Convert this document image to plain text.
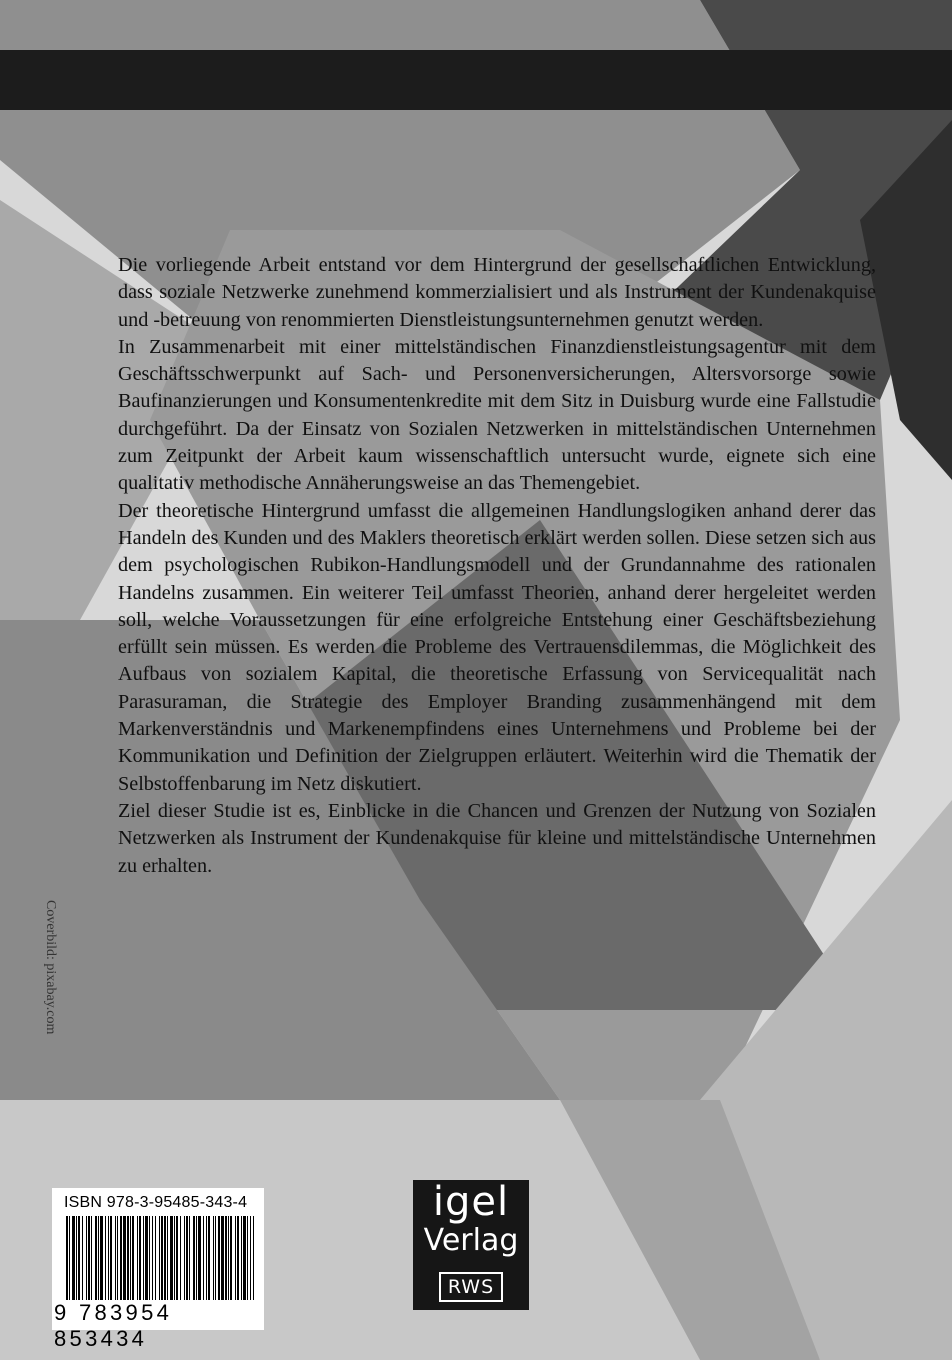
Die vorliegende Arbeit entstand vor dem Hintergrund der gesellschaftlichen Entwicklung, dass soziale Netzwerke zunehmend kommerzialisiert und als Instrument der Kundenakquise und -betreuung von renommierten Dienstleistungsunternehmen genutzt werden.

In Zusammenarbeit mit einer mittelständischen Finanzdienstleistungsagentur mit dem Geschäftsschwerpunkt auf Sach- und Personenversicherungen, Altersvorsorge sowie Baufinanzierungen und Konsumentenkredite mit dem Sitz in Duisburg wurde eine Fallstudie durchgeführt. Da der Einsatz von Sozialen Netzwerken in mittelständischen Unternehmen zum Zeitpunkt der Arbeit kaum wissenschaftlich untersucht wurde, eignete sich eine qualitativ methodische Annäherungsweise an das Themengebiet.

Der theoretische Hintergrund umfasst die allgemeinen Handlungslogiken anhand derer das Handeln des Kunden und des Maklers theoretisch erklärt werden sollen. Diese setzen sich aus dem psychologischen Rubikon-Handlungsmodell und der Grundannahme des rationalen Handelns zusammen. Ein weiterer Teil umfasst Theorien, anhand derer hergeleitet werden soll, welche Voraussetzungen für eine erfolgreiche Entstehung einer Geschäftsbeziehung erfüllt sein müssen. Es werden die Probleme des Vertrauensdilemmas, die Möglichkeit des Aufbaus von sozialem Kapital, die theoretische Erfassung von Servicequalität nach Parasuraman, die Strategie des Employer Branding zusammenhängend mit dem Markenverständnis und Markenempfindens eines Unternehmens und Probleme bei der Kommunikation und Definition der Zielgruppen erläutert. Weiterhin wird die Thematik der Selbstoffenbarung im Netz diskutiert.

Ziel dieser Studie ist es, Einblicke in die Chancen und Grenzen der Nutzung von Sozialen Netzwerken als Instrument der Kundenakquise für kleine und mittelständische Unternehmen zu erhalten.

Coverbild: pixabay.com
ISBN 978-3-95485-343-4
9 783954 853434
igel
Verlag
RWS
